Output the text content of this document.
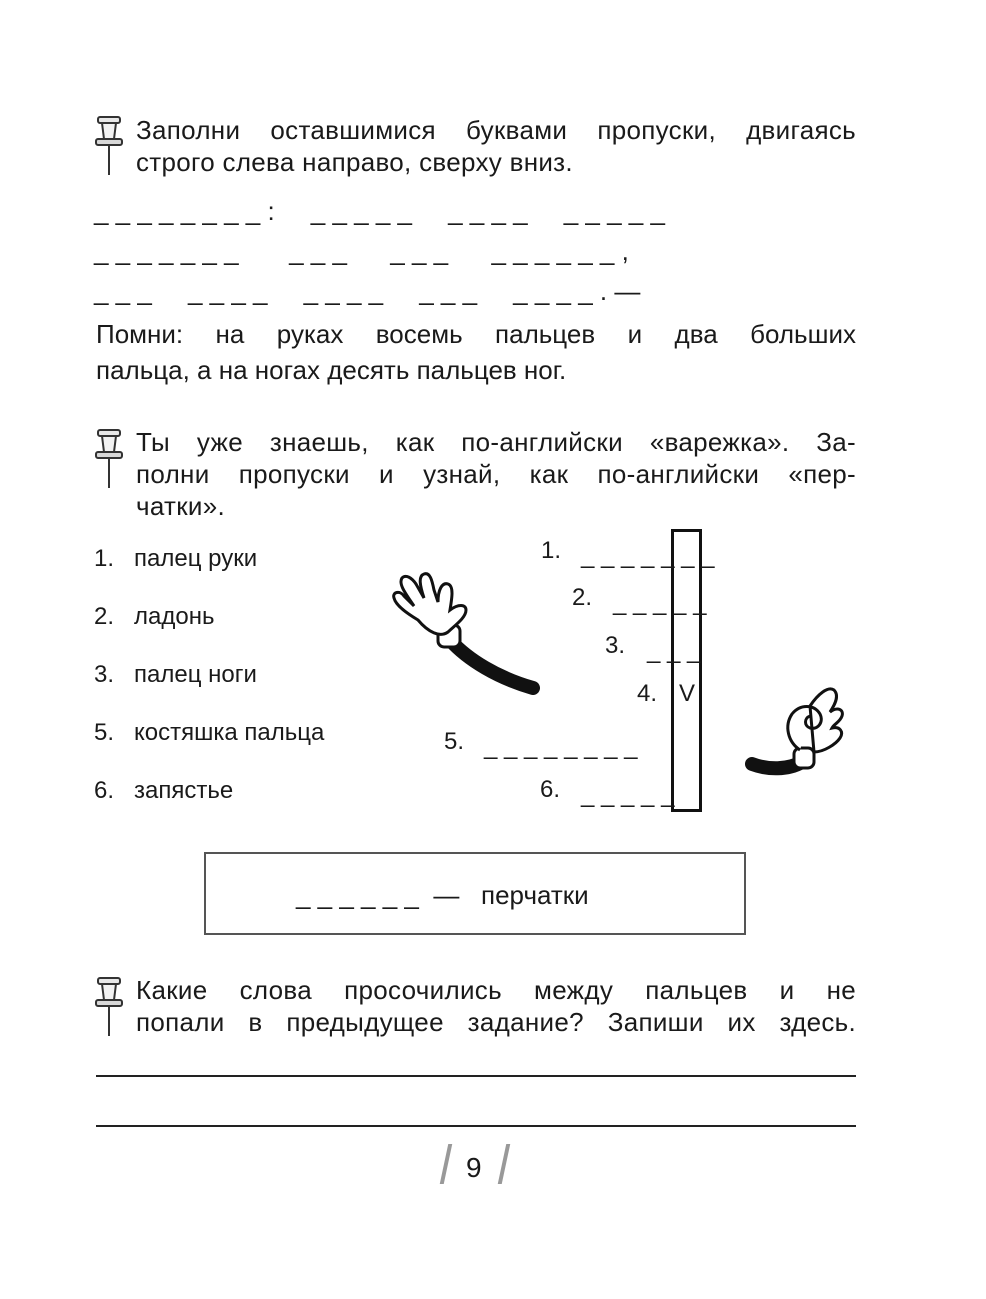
Заполни оставшимися буквами пропуски, двигаясь
строго слева направо, сверху вниз.
_ _ _ _ _ _ _ _ :     _ _ _ _ _     _ _ _ _     _ _ _ _ _
_ _ _ _ _ _ _       _ _ _      _ _ _      _ _ _ _ _ _ ,
_ _ _     _ _ _ _     _ _ _ _     _ _ _     _ _ _ _ . —
Помни: на руках восемь пальцев и два больших
пальца, а на ногах десять пальцев ног.
Ты уже знаешь, как по-английски «варежка». За-
полни пропуски и узнай, как по-английски «пер-
чатки».
1. палец руки
2. ладонь
3. палец ноги
5. костяшка пальца
6. запястье
1. _ _ _ _ _ _ _
2. _ _ _ _ _
3. _ _ _
4. V
5. _ _ _ _ _ _ _ _
6. _ _ _ _ _
_ _ _ _ _ _ — перчатки
Какие слова просочились между пальцев и не
попали в предыдущее задание? Запиши их здесь.
9
